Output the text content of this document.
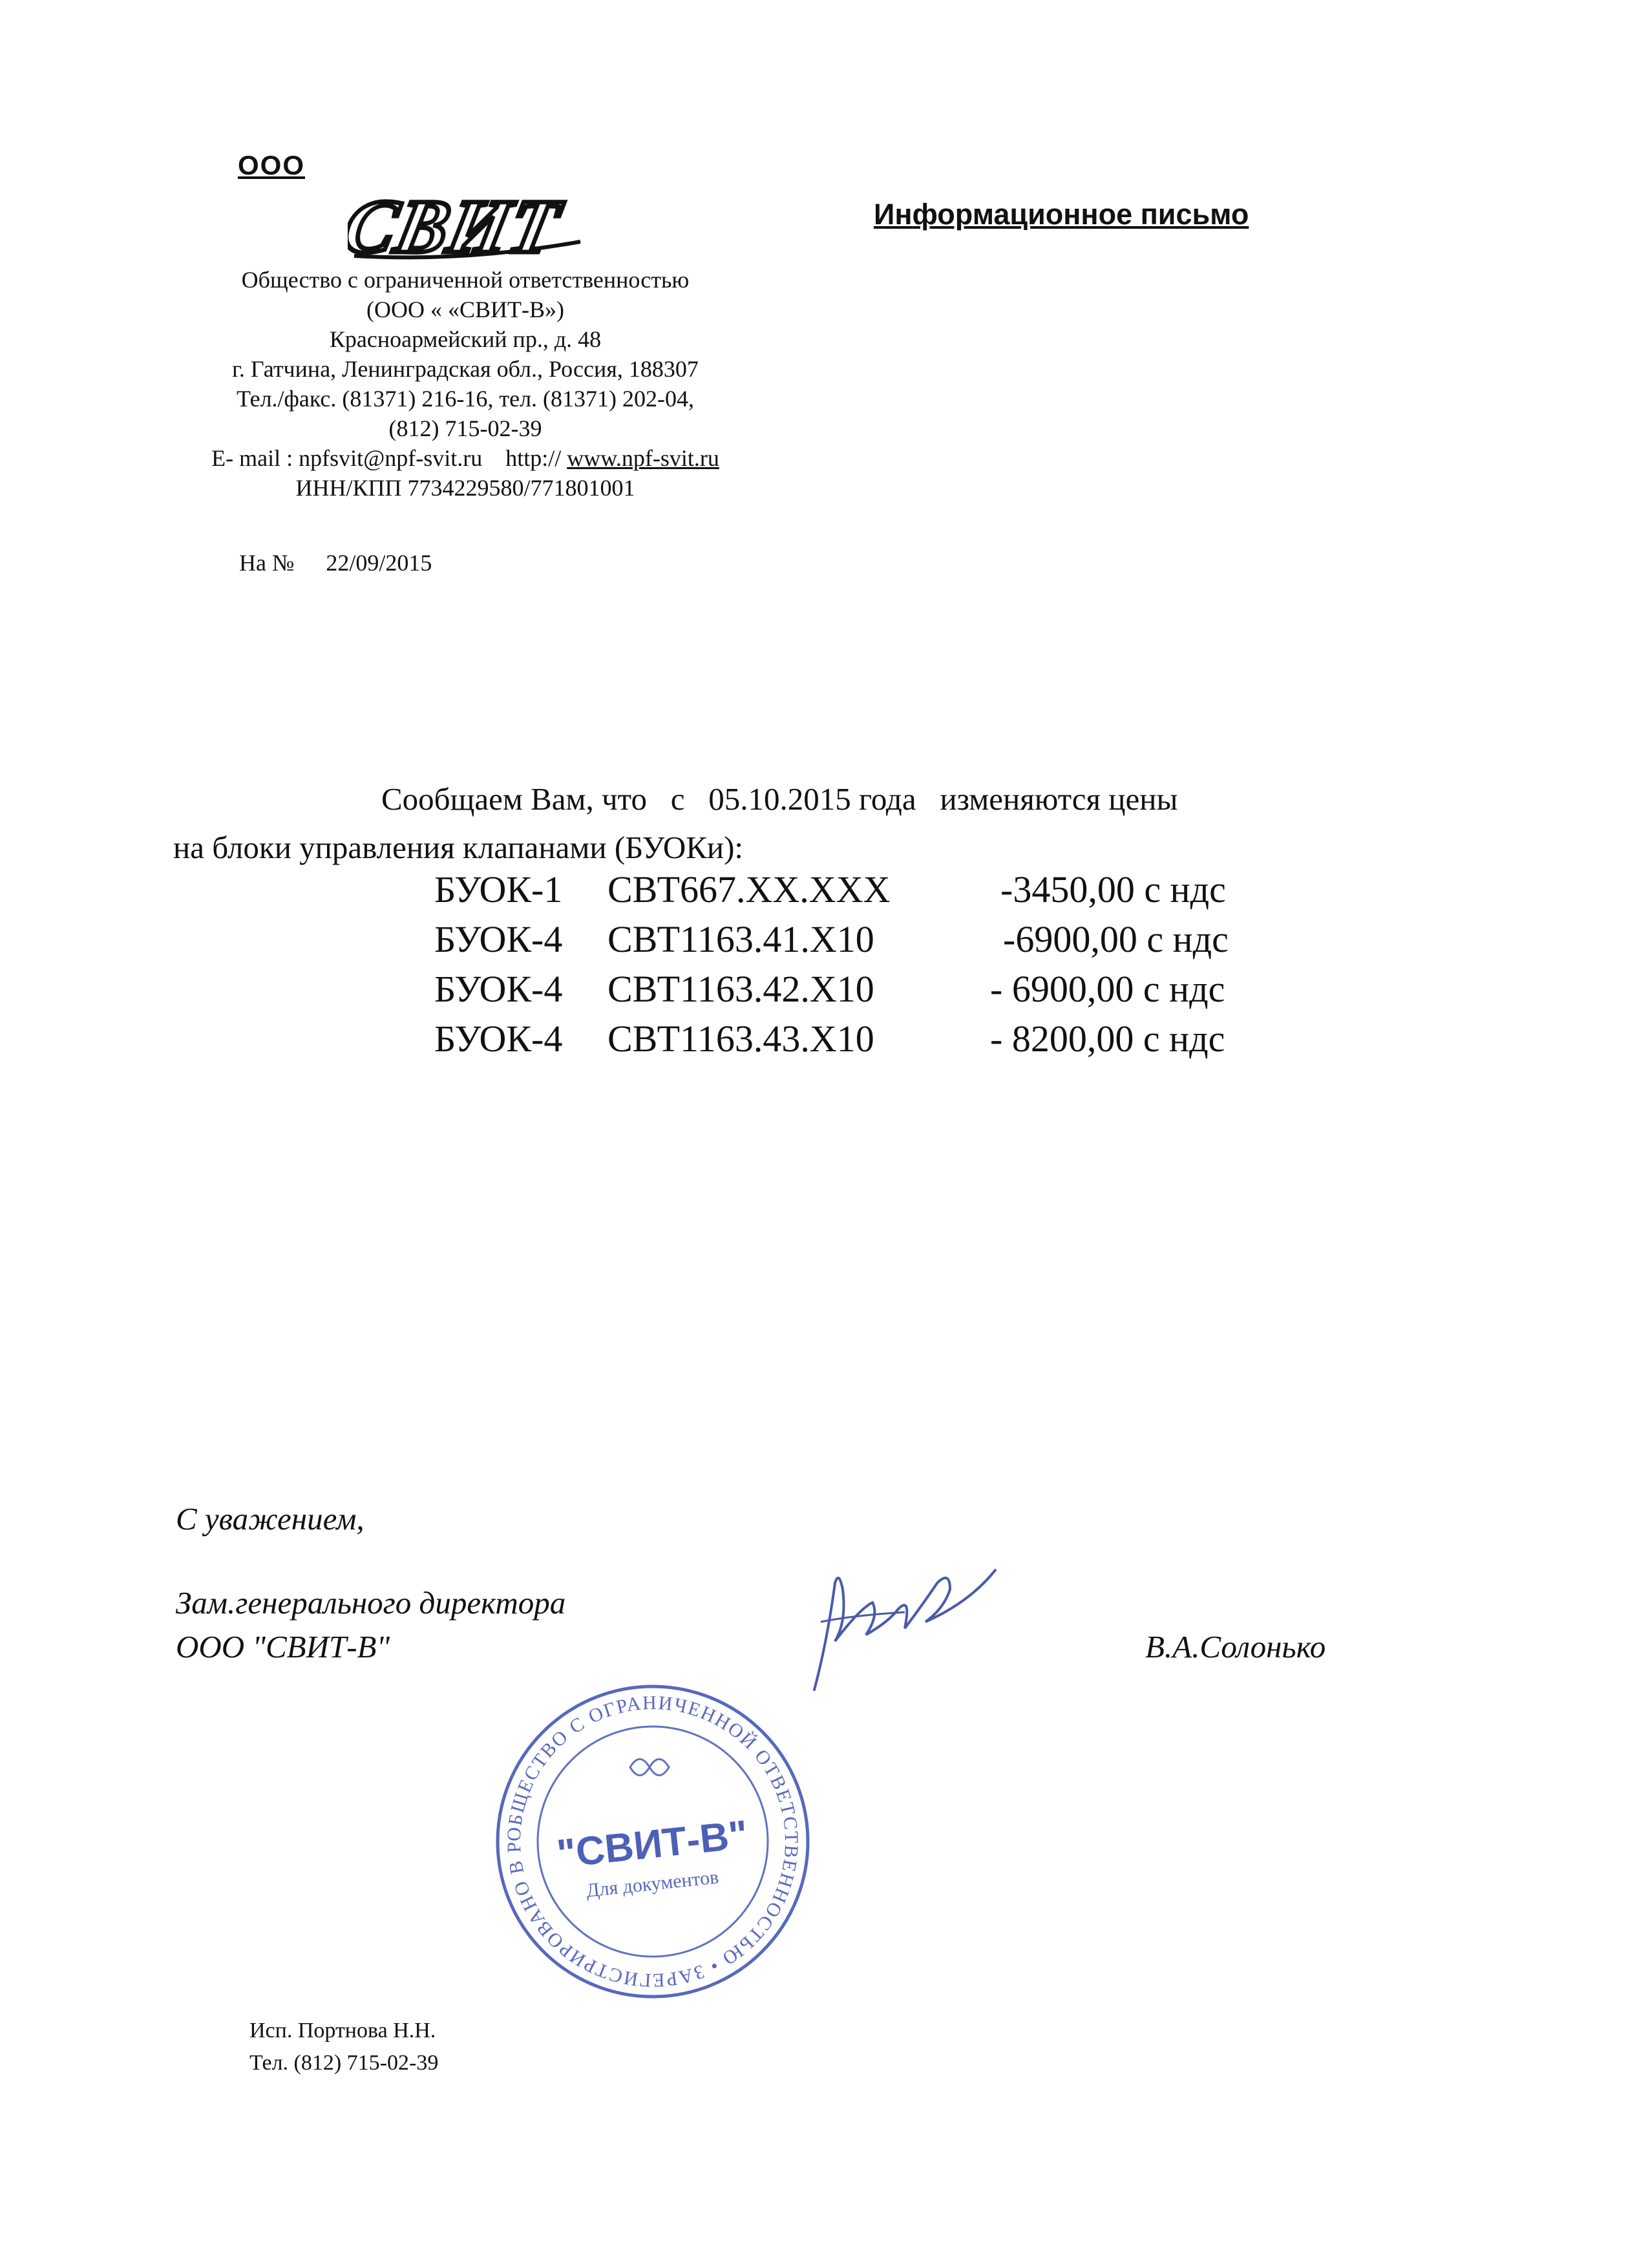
ООО
СВИТ	Информационное письмо
Общество с ограниченной ответственностью
(ООО « «СВИТ-В»)
Красноармейский пр., д. 48
г. Гатчина, Ленинградская обл., Россия, 188307
Тел./факс. (81371) 216-16, тел. (81371) 202-04,
(812) 715-02-39
E- mail : npfsvit@npf-svit.ru http:// www.npf-svit.ru
ИНН/КПП 7734229580/771801001
На № 22/09/2015
Сообщаем Вам, что   с   05.10.2015 года   изменяются цены
на блоки управления клапанами (БУОКи):
БУОК-1 СВТ667.ХХ.ХХХ	-3450,00 с ндс
БУОК-4 СВТ1163.41.Х10	-6900,00 с ндс
БУОК-4 СВТ1163.42.Х10	- 6900,00 с ндс
БУОК-4 СВТ1163.43.Х10	- 8200,00 с ндс
С уважением,
Зам.генерального директора
ООО "СВИТ-В"	В.А.Солонько
ОБЩЕСТВО С ОГРАНИЧЕННОЙ ОТВЕТСТВЕННОСТЬЮ • ЗАРЕГИСТРИРОВАНО В Р "СВИТ-В"
Для документов
Исп. Портнова Н.Н.
Тел. (812) 715-02-39
